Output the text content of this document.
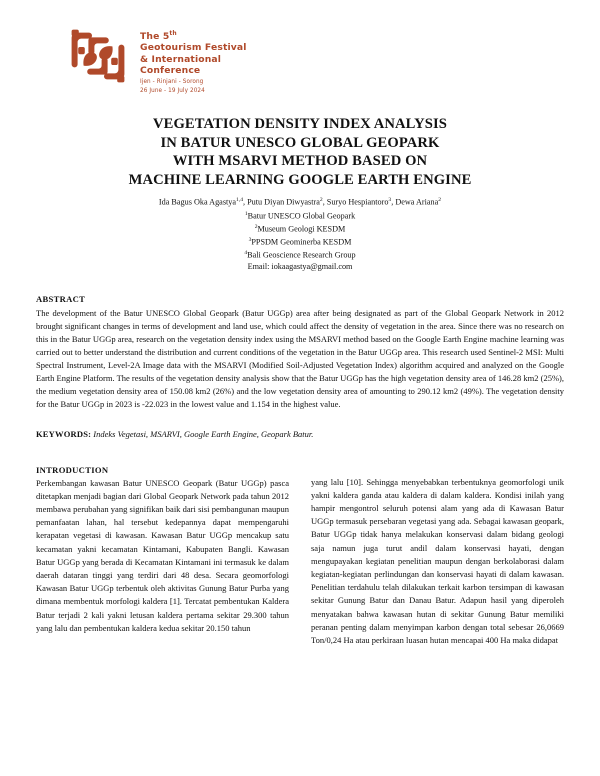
The 5th
Geotourism Festival
& International
Conference
Ijen - Rinjani - Sorong
26 June - 19 July 2024
VEGETATION DENSITY INDEX ANALYSIS
IN BATUR UNESCO GLOBAL GEOPARK
WITH MSARVI METHOD BASED ON
MACHINE LEARNING GOOGLE EARTH ENGINE
Ida Bagus Oka Agastya$^{1,4}$, Putu Diyan Diwyastra$^2$, Suryo Hespiantoro$^3$, Dewa Ariana$^2$
$^1$Batur UNESCO Global Geopark
$^2$Museum Geologi KESDM
$^3$PPSDM Geominerba KESDM
$^4$Bali Geoscience Research Group
Email: iokaagastya@gmail.com
ABSTRACT
The development of the Batur UNESCO Global Geopark (Batur UGGp) area after being designated as part of the Global Geopark Network in 2012 brought significant changes in terms of development and land use, which could affect the density of vegetation in the area. Since there was no research on this in the Batur UGGp area, research on the vegetation density index using the MSARVI method based on the Google Earth Engine machine learning was carried out to better understand the distribution and current conditions of the vegetation in the Batur UGGp area. This research used Sentinel-2 MSI: Multi Spectral Instrument, Level-2A Image data with the MSARVI (Modified Soil-Adjusted Vegetation Index) algorithm acquired and analyzed on the Google Earth Engine Platform. The results of the vegetation density analysis show that the Batur UGGp has the high vegetation density area of 146.28 km2 (25%), the medium vegetation density area of 150.08 km2 (26%) and the low vegetation density area of amounting to 290.12 km2 (49%). The vegetation density for the Batur UGGp in 2023 is -22.023 in the lowest value and 1.154 in the highest value.
KEYWORDS: Indeks Vegetasi, MSARVI, Google Earth Engine, Geopark Batur.
INTRODUCTION

Perkembangan kawasan Batur UNESCO Geopark (Batur UGGp) pasca ditetapkan menjadi bagian dari Global Geopark Network pada tahun 2012 membawa perubahan yang signifikan baik dari sisi pembangunan maupun pemanfaatan lahan, hal tersebut kedepannya dapat mempengaruhi kerapatan vegetasi di kawasan. Kawasan Batur UGGp mencakup satu kecamatan yakni kecamatan Kintamani, Kabupaten Bangli. Kawasan Batur UGGp yang berada di Kecamatan Kintamani ini termasuk ke dalam daerah dataran tinggi yang terdiri dari 48 desa. Secara geomorfologi Kawasan Batur UGGp terbentuk oleh aktivitas Gunung Batur Purba yang dimana membentuk morfologi kaldera [1]. Tercatat pembentukan Kaldera Batur terjadi 2 kali yakni letusan kaldera pertama sekitar 29.300 tahun yang lalu dan pembentukan kaldera kedua sekitar 20.150 tahun

yang lalu [10]. Sehingga menyebabkan terbentuknya geomorfologi unik yakni kaldera ganda atau kaldera di dalam kaldera. Kondisi inilah yang hampir mengontrol seluruh potensi alam yang ada di Kawasan Batur UGGp termasuk persebaran vegetasi yang ada. Sebagai kawasan geopark, Batur UGGp tidak hanya melakukan konservasi dalam bidang geologi saja namun juga turut andil dalam konservasi hayati, dengan mengupayakan kegiatan penelitian maupun dengan berkolaborasi dalam kegiatan-kegiatan perlindungan dan konservasi hayati di dalam kawasan. Penelitian terdahulu telah dilakukan terkait karbon tersimpan di kawasan sekitar Gunung Batur dan Danau Batur. Adapun hasil yang diperoleh menyatakan bahwa kawasan hutan di sekitar Gunung Batur memiliki peranan penting dalam menyimpan karbon dengan total sebesar 26,0669 Ton/0,24 Ha atau perkiraan luasan hutan mencapai 400 Ha maka didapat
